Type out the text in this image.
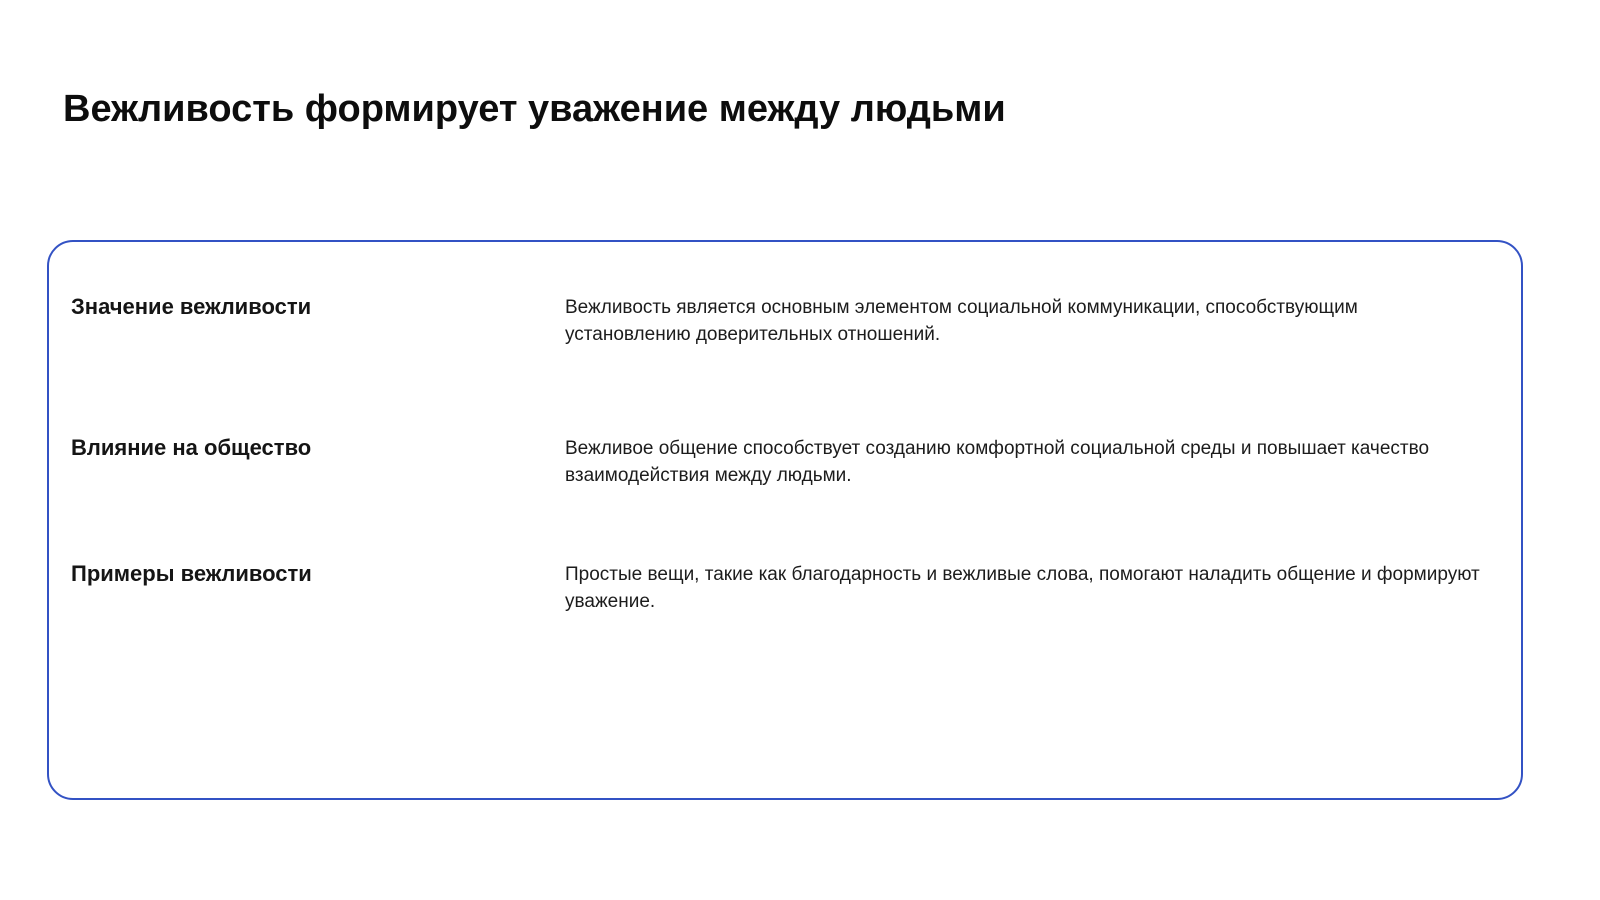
Вежливость формирует уважение между людьми
Значение вежливости	Вежливость является основным элементом социальной коммуникации, способствующим установлению доверительных отношений.

Влияние на общество	Вежливое общение способствует созданию комфортной социальной среды и повышает качество взаимодействия между людьми.

Примеры вежливости	Простые вещи, такие как благодарность и вежливые слова, помогают наладить общение и формируют уважение.
